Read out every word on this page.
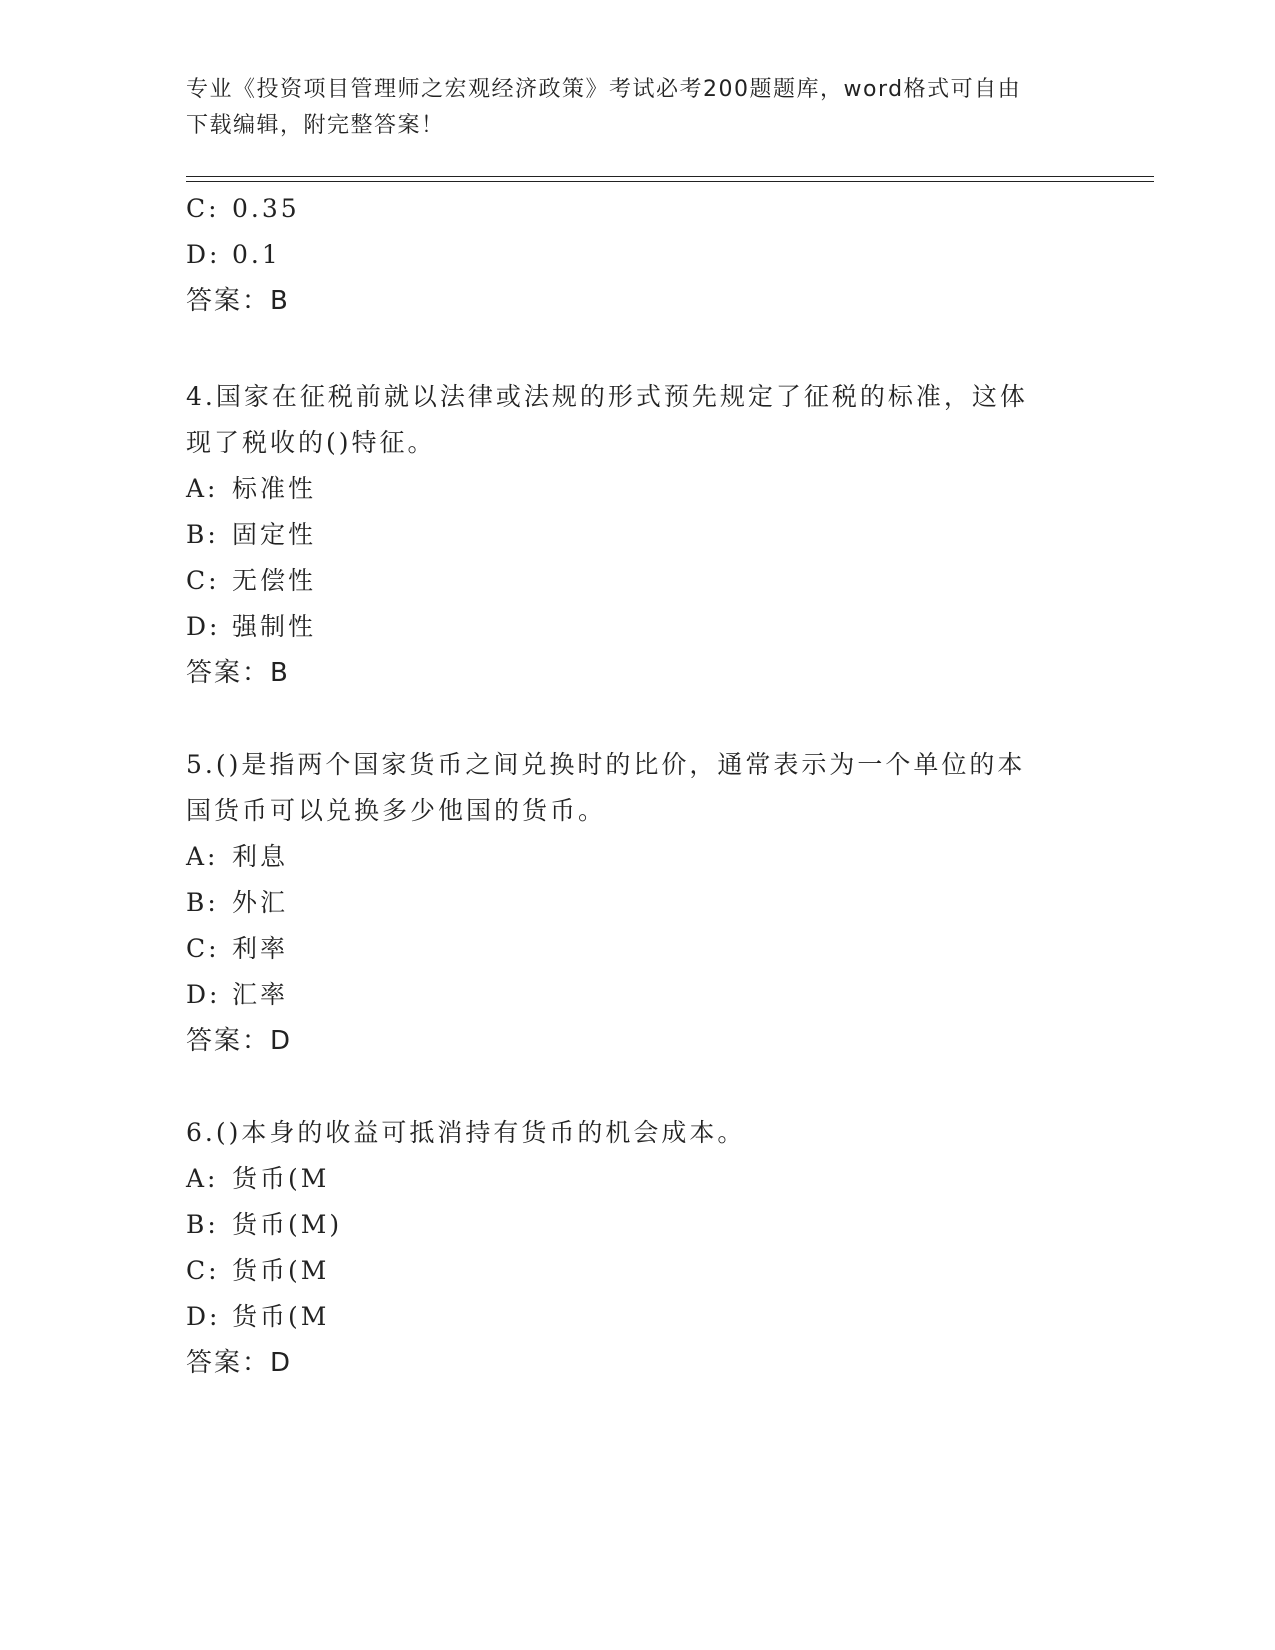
专业《投资项目管理师之宏观经济政策》考试必考200题题库，word格式可自由
下载编辑，附完整答案！
C: 0.35
D: 0.1
答案：B
4.国家在征税前就以法律或法规的形式预先规定了征税的标准，这体
现了税收的()特征。
A: 标准性
B: 固定性
C: 无偿性
D: 强制性
答案：B
5.()是指两个国家货币之间兑换时的比价，通常表示为一个单位的本
国货币可以兑换多少他国的货币。
A: 利息
B: 外汇
C: 利率
D: 汇率
答案：D
6.()本身的收益可抵消持有货币的机会成本。
A: 货币(M
B: 货币(M)
C: 货币(M
D: 货币(M
答案：D
